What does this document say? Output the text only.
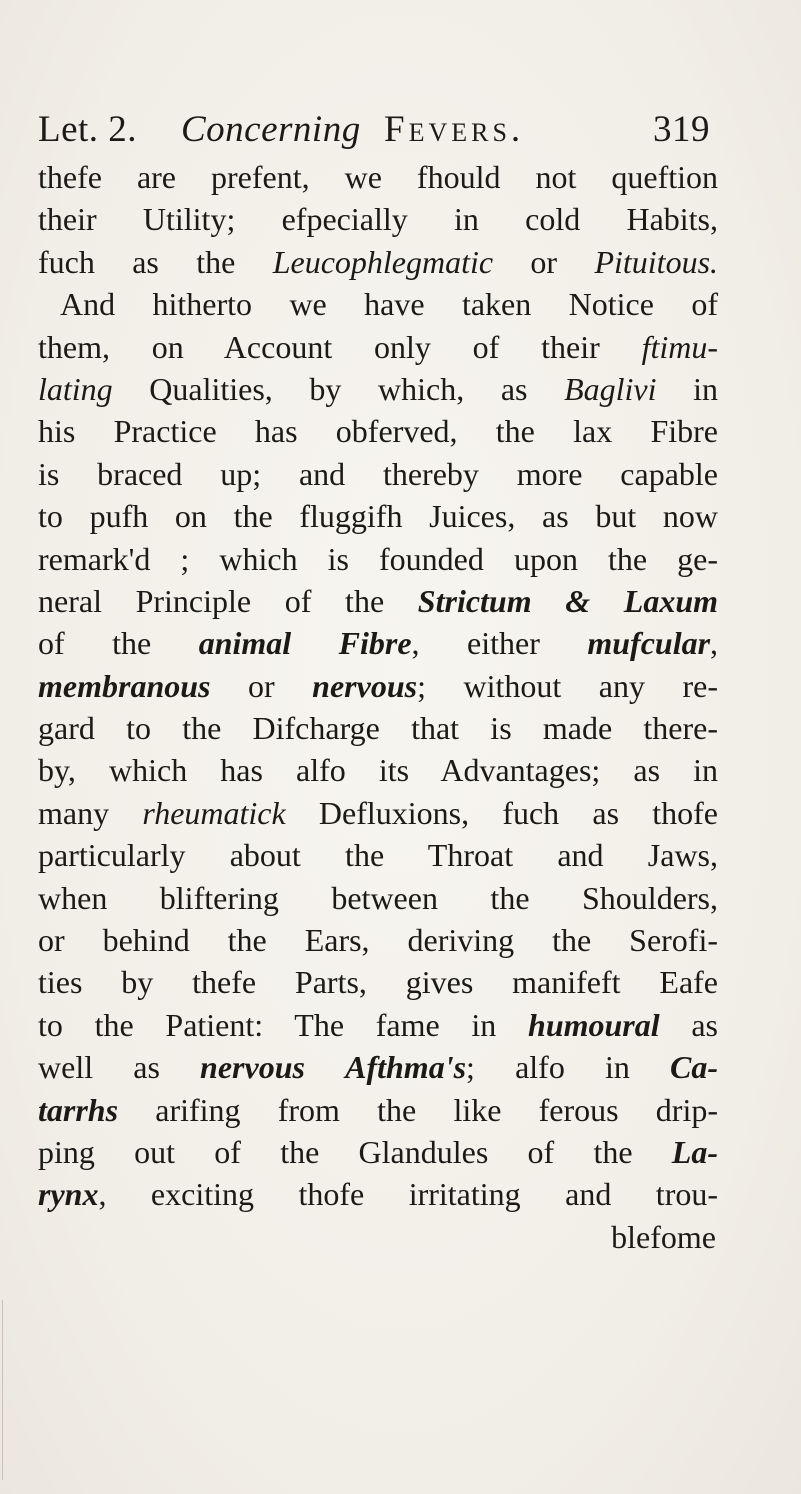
Let. 2. Concerning Fevers.	319
thefe are prefent, we fhould not queftion
their Utility; efpecially in cold Habits,
fuch as the Leucophlegmatic or Pituitous.
And hitherto we have taken Notice of
them, on Account only of their ftimu-
lating Qualities, by which, as Baglivi in
his Practice has obferved, the lax Fibre
is braced up; and thereby more capable
to pufh on the fluggifh Juices, as but now
remark'd ; which is founded upon the ge-
neral Principle of the Strictum & Laxum
of the animal Fibre, either mufcular,
membranous or nervous; without any re-
gard to the Difcharge that is made there-
by, which has alfo its Advantages; as in
many rheumatick Defluxions, fuch as thofe
particularly about the Throat and Jaws,
when bliftering between the Shoulders,
or behind the Ears, deriving the Serofi-
ties by thefe Parts, gives manifeft Eafe
to the Patient: The fame in humoural as
well as nervous Afthma's; alfo in Ca-
tarrhs arifing from the like ferous drip-
ping out of the Glandules of the La-
rynx, exciting thofe irritating and trou-
blefome
